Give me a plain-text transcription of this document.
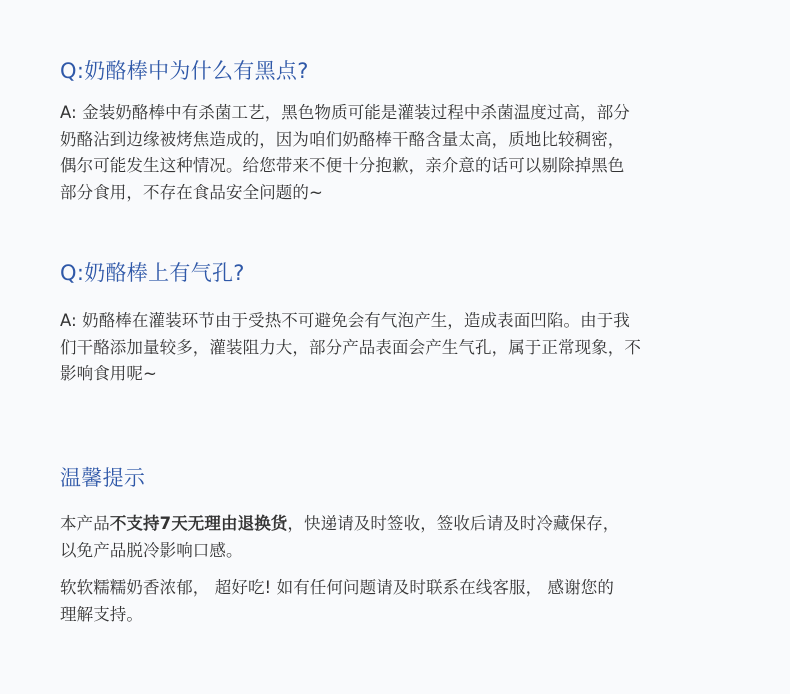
Q:奶酪棒中为什么有黑点?

A: 金装奶酪棒中有杀菌工艺，黑色物质可能是灌装过程中杀菌温度过高，部分
奶酪沾到边缘被烤焦造成的，因为咱们奶酪棒干酪含量太高，质地比较稠密，
偶尔可能发生这种情况。给您带来不便十分抱歉，亲介意的话可以剔除掉黑色
部分食用，不存在食品安全问题的~

Q:奶酪棒上有气孔?

A: 奶酪棒在灌装环节由于受热不可避免会有气泡产生，造成表面凹陷。由于我
们干酪添加量较多，灌装阻力大，部分产品表面会产生气孔，属于正常现象，不
影响食用呢~

温馨提示

本产品不支持7天无理由退换货，快递请及时签收，签收后请及时冷藏保存，
以免产品脱冷影响口感。

软软糯糯奶香浓郁， 超好吃! 如有任何问题请及时联系在线客服， 感谢您的
理解支持。
